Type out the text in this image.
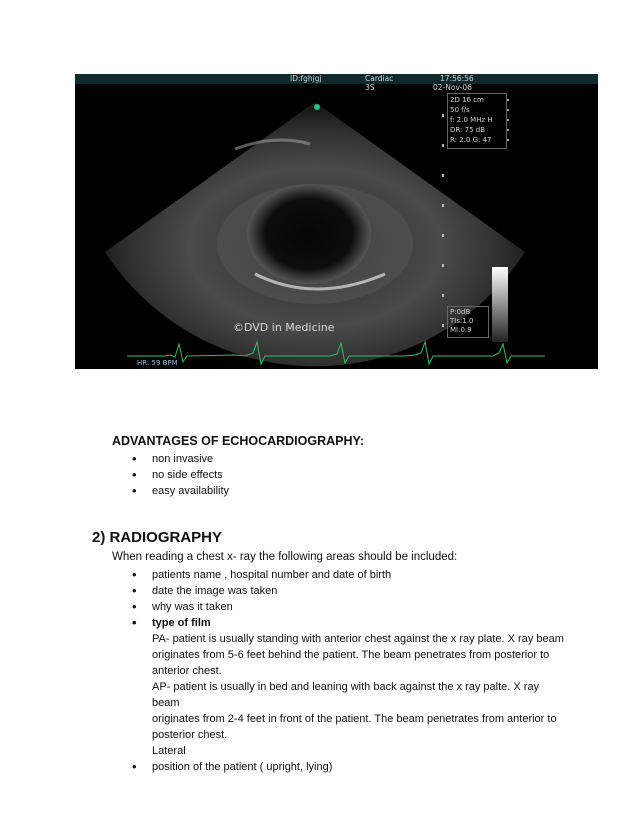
ID:fghjgj	Cardiac
3S
17:56:56
02-Nov-06
2D 16 cm
50 f/s
f: 2.0 MHz H
DR: 75 dB
R: 2.0 G: 47
P:0dB
TIs:1.0
MI:0.9
©DVD in Medicine
HR: 59 BPM
ADVANTAGES OF ECHOCARDIOGRAPHY:
• non invasive
• no side effects
• easy availability
2) RADIOGRAPHY
When reading a chest x- ray the following areas should be included:
• patients name , hospital number and date of birth
• date the image was taken
• why was it taken
• type of film
PA- patient is usually standing with anterior chest against the x ray plate. X ray beam
originates from 5-6 feet behind the patient. The beam penetrates from posterior to
anterior chest.
AP- patient is usually in bed and leaning with back against the x ray palte. X ray beam
originates from 2-4 feet in front of the patient. The beam penetrates from anterior to
posterior chest.
Lateral
• position of the patient ( upright, lying)
